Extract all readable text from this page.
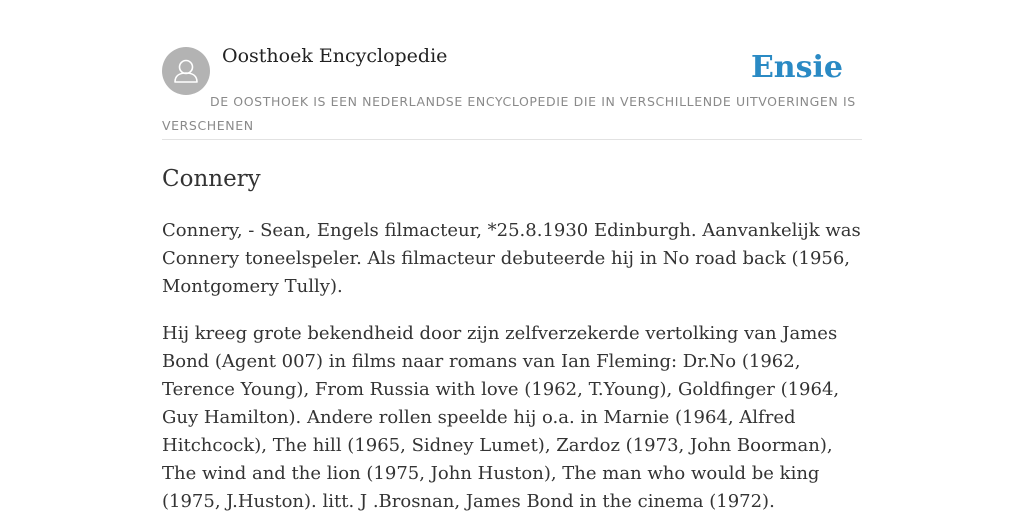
Oosthoek Encyclopedie	Ensie
DE OOSTHOEK IS EEN NEDERLANDSE ENCYCLOPEDIE DIE IN VERSCHILLENDE UITVOERINGEN IS VERSCHENEN
Connery

Connery, - Sean, Engels filmacteur, *25.8.1930 Edinburgh. Aanvankelijk was Connery toneelspeler. Als filmacteur debuteerde hij in No road back (1956, Montgomery Tully).

Hij kreeg grote bekendheid door zijn zelfverzekerde vertolking van James Bond (Agent 007) in films naar romans van Ian Fleming: Dr.No (1962, Terence Young), From Russia with love (1962, T.Young), Goldfinger (1964, Guy Hamilton). Andere rollen speelde hij o.a. in Marnie (1964, Alfred Hitchcock), The hill (1965, Sidney Lumet), Zardoz (1973, John Boorman), The wind and the lion (1975, John Huston), The man who would be king (1975, J.Huston). litt. J .Brosnan, James Bond in the cinema (1972).
